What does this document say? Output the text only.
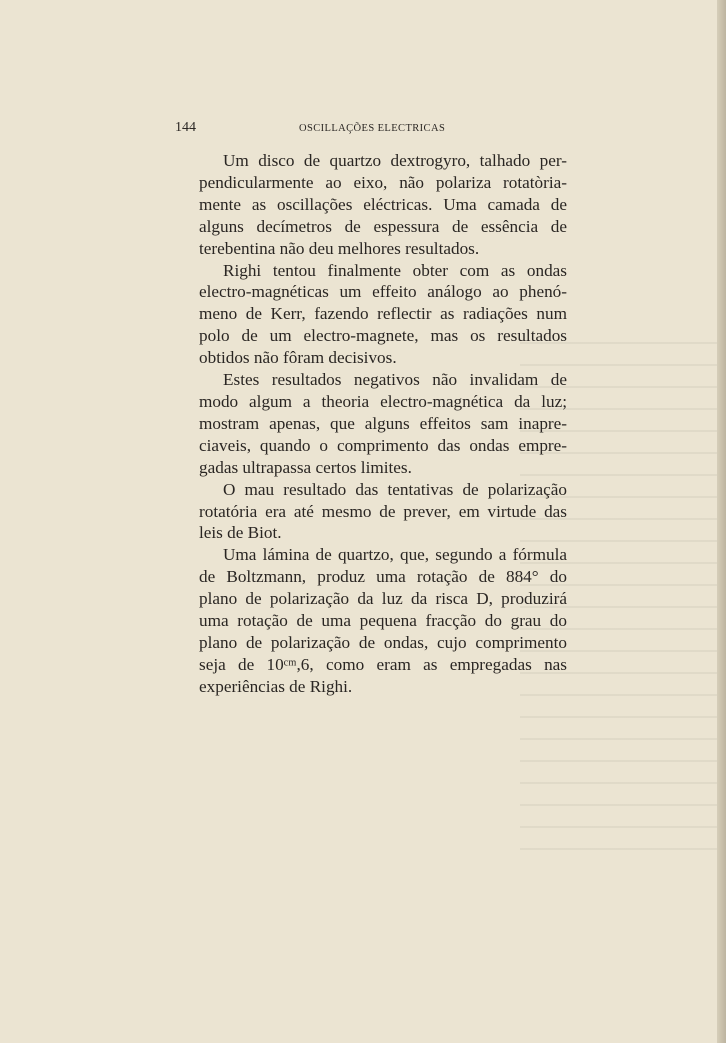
144	OSCILLAÇÕES ELECTRICAS
Um disco de quartzo dextrogyro, talhado per-
pendicularmente ao eixo, não polariza rotatòria-
mente as oscillações eléctricas. Uma camada de
alguns decímetros de espessura de essência de
terebentina não deu melhores resultados.
Righi tentou finalmente obter com as ondas
electro-magnéticas um effeito análogo ao phenó-
meno de Kerr, fazendo reflectir as radiações num
polo de um electro-magnete, mas os resultados
obtidos não fôram decisivos.
Estes resultados negativos não invalidam de
modo algum a theoria electro-magnética da luz;
mostram apenas, que alguns effeitos sam inapre-
ciaveis, quando o comprimento das ondas empre-
gadas ultrapassa certos limites.
O mau resultado das tentativas de polarização
rotatória era até mesmo de prever, em virtude das
leis de Biot.
Uma lámina de quartzo, que, segundo a fórmula
de Boltzmann, produz uma rotação de 884° do
plano de polarização da luz da risca D, produzirá
uma rotação de uma pequena fracção do grau do
plano de polarização de ondas, cujo comprimento
seja de 10ᶜᵐ,6, como eram as empregadas nas
experiências de Righi.
